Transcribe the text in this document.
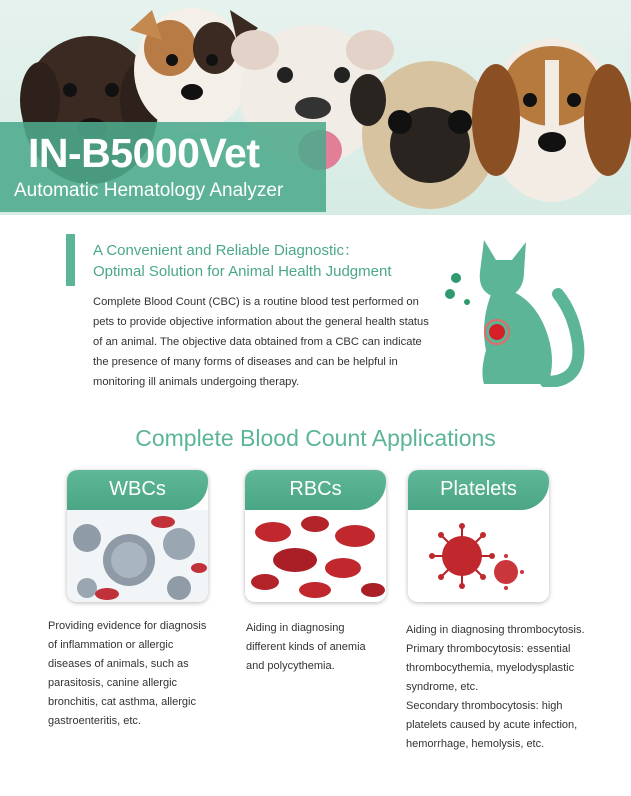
IN-B5000Vet
Automatic Hematology Analyzer
A Convenient and Reliable Diagnostic：
Optimal Solution for Animal Health Judgment
Complete Blood Count (CBC) is a routine blood test performed on pets to provide objective information about the general health status of an animal. The objective data obtained from a CBC can indicate the presence of many forms of diseases and can be helpful in monitoring ill animals undergoing therapy.
Complete Blood Count Applications
WBCs	RBCs	Platelets
Providing evidence for diagnosis of inflammation or allergic diseases of animals, such as parasitosis, canine allergic bronchitis, cat asthma, allergic gastroenteritis, etc.
Aiding in diagnosing different kinds of anemia and polycythemia.
Aiding in diagnosing thrombocytosis.
Primary thrombocytosis: essential thrombocythemia, myelodysplastic syndrome, etc.
Secondary thrombocytosis: high platelets caused by acute infection, hemorrhage, hemolysis, etc.
